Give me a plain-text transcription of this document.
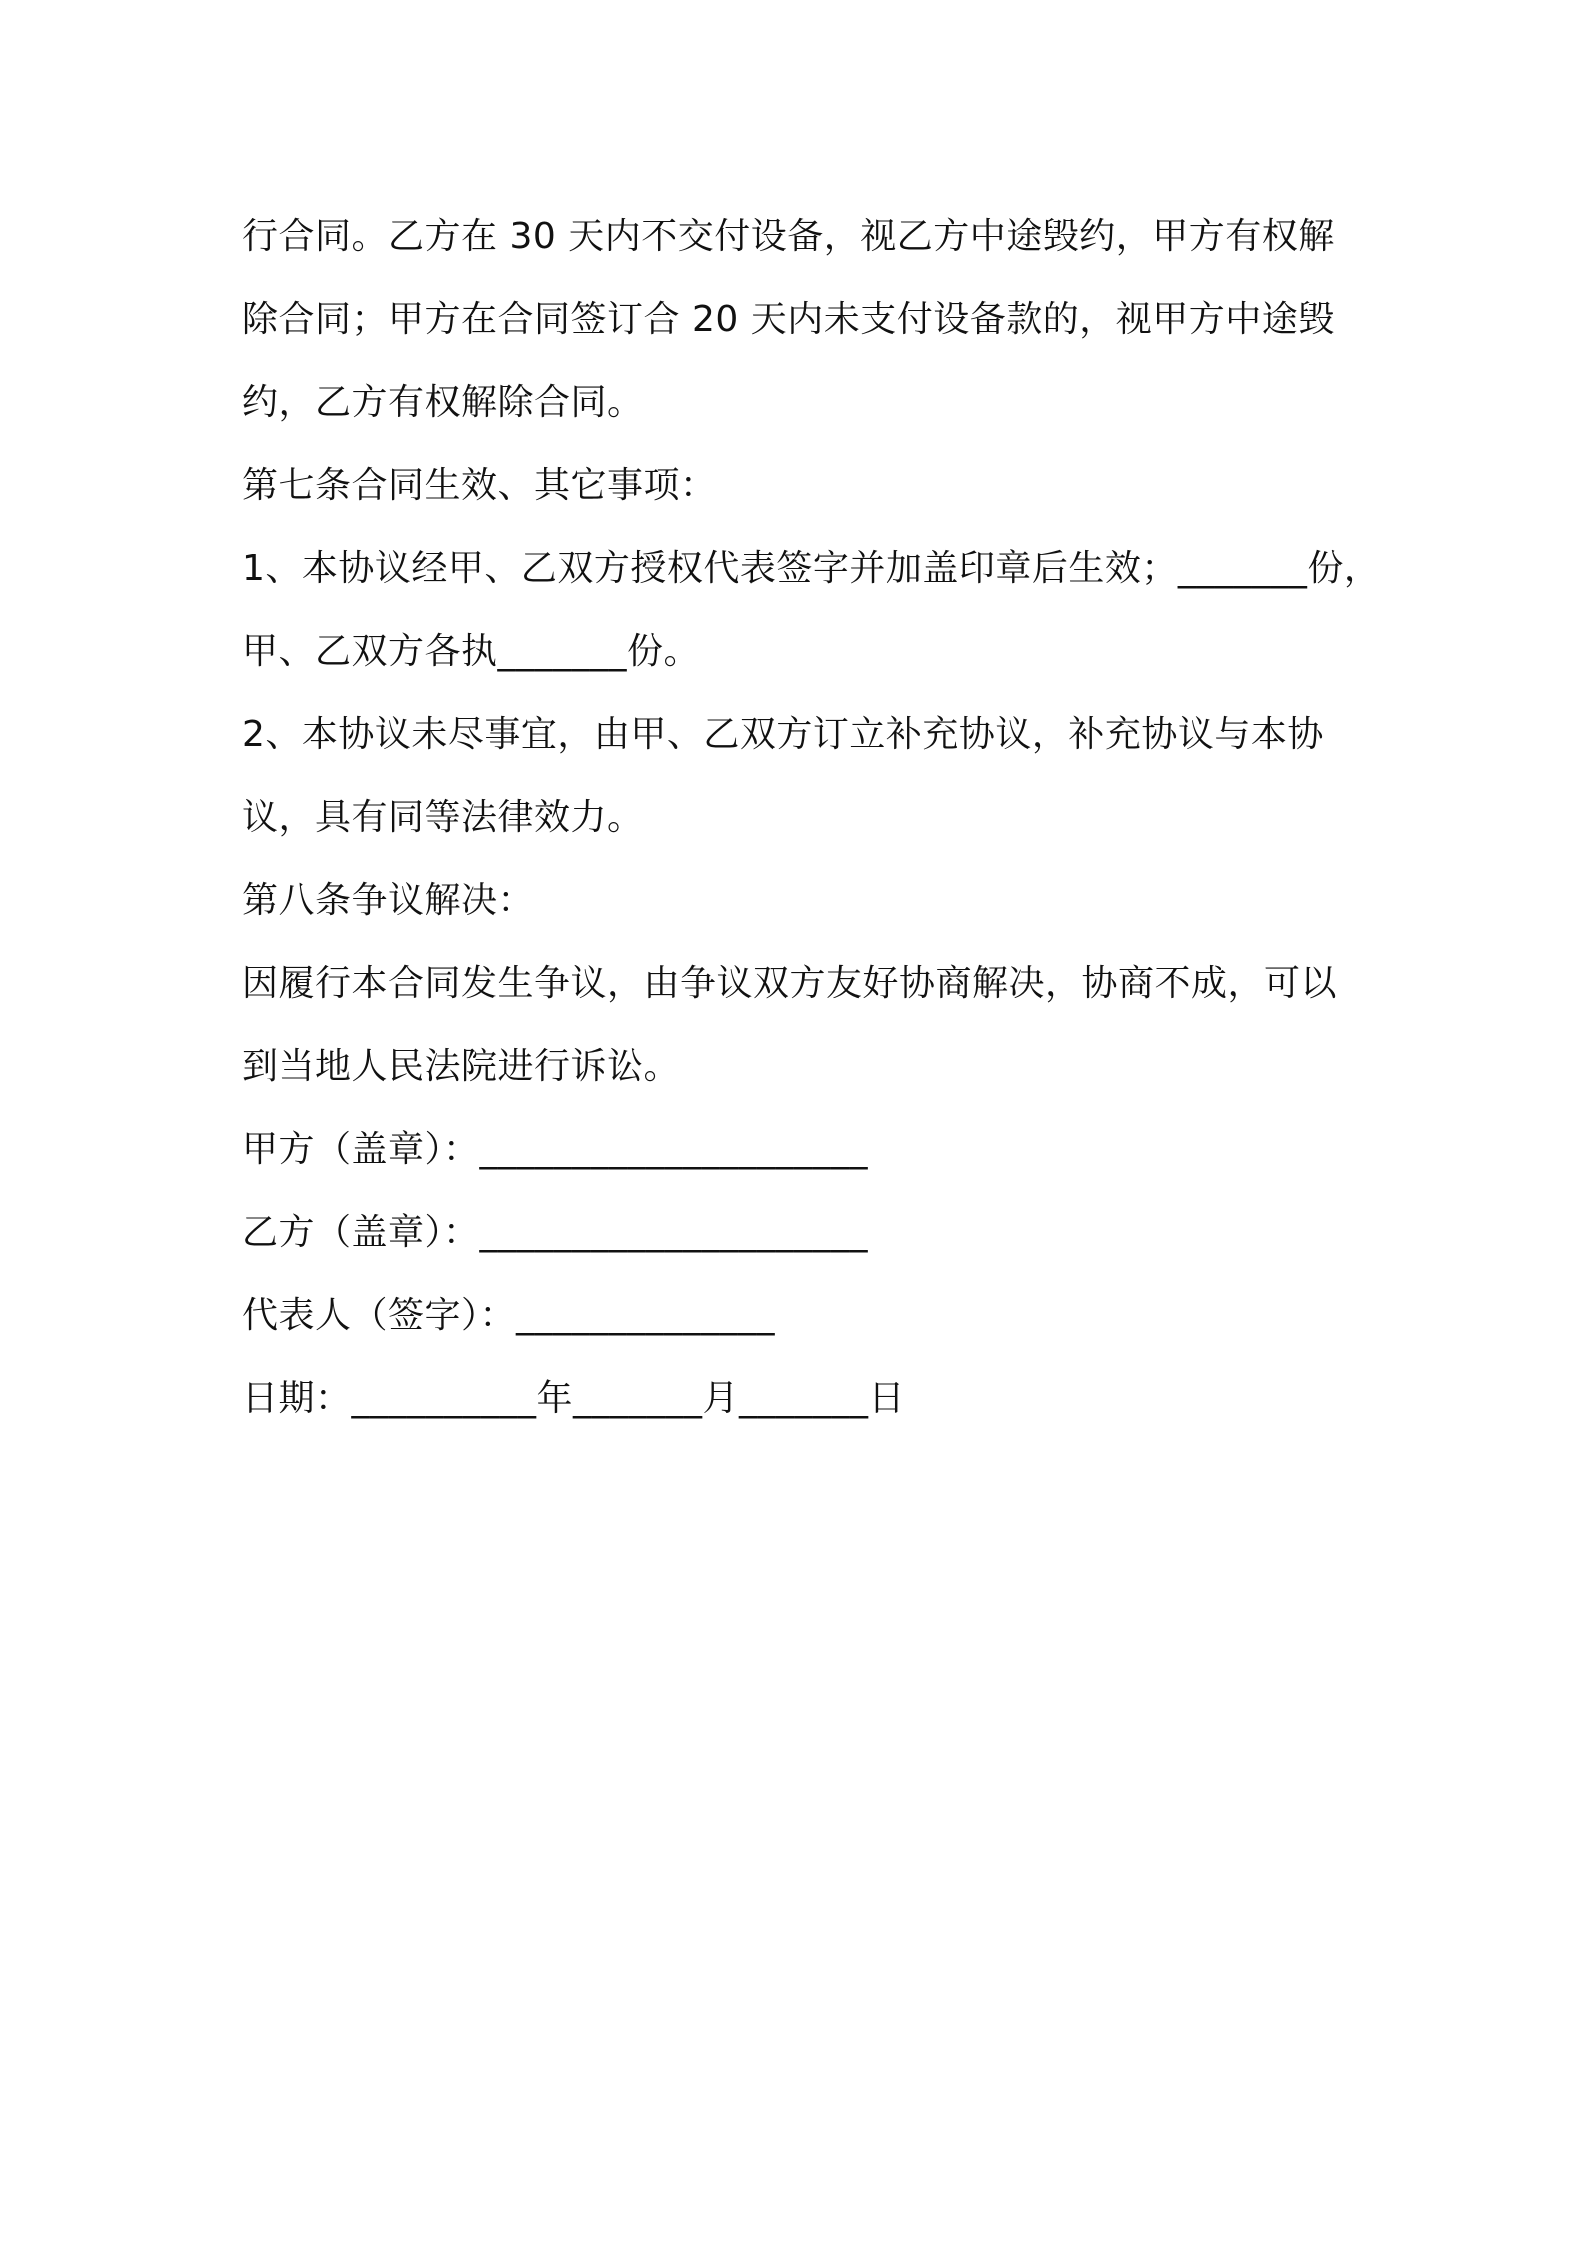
行合同。乙方在 30 天内不交付设备，视乙方中途毁约，甲方有权解
除合同；甲方在合同签订合 20 天内未支付设备款的，视甲方中途毁
约，乙方有权解除合同。
第七条合同生效、其它事项：
1、本协议经甲、乙双方授权代表签字并加盖印章后生效；_______份，
甲、乙双方各执_______份。
2、本协议未尽事宜，由甲、乙双方订立补充协议，补充协议与本协
议，具有同等法律效力。
第八条争议解决：
因履行本合同发生争议，由争议双方友好协商解决，协商不成，可以
到当地人民法院进行诉讼。
甲方（盖章）：_____________________
乙方（盖章）：_____________________
代表人（签字）：______________
日期：__________年_______月_______日
